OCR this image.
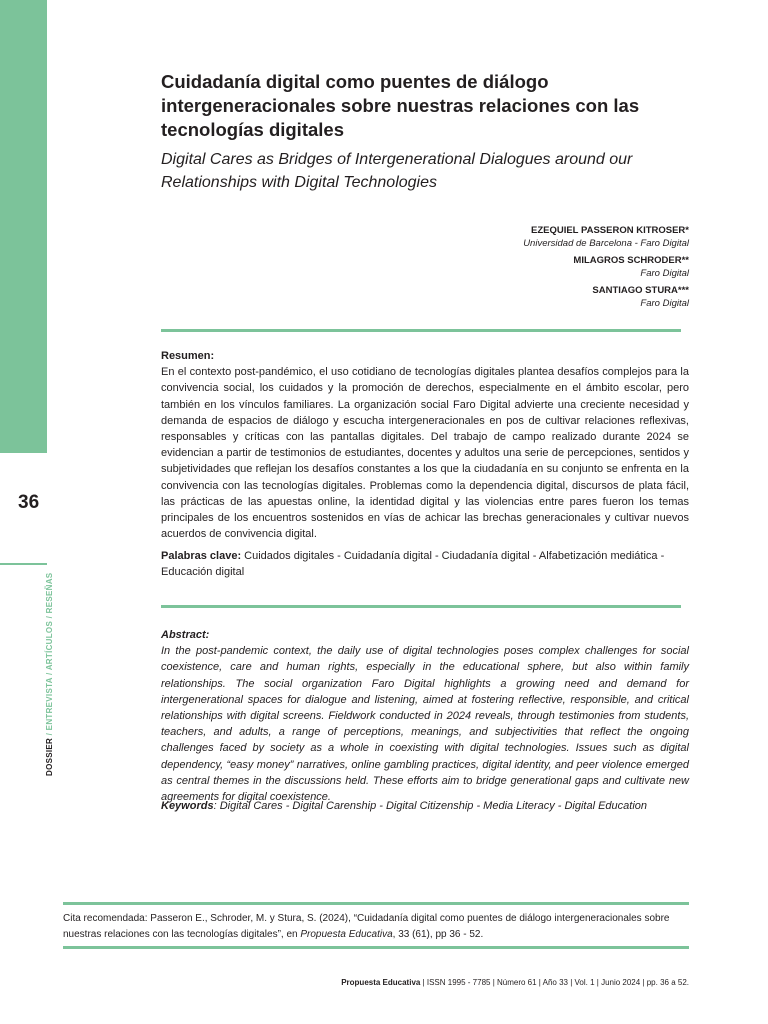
36
DOSSIER / ENTREVISTA / ARTÍCULOS / RESEÑAS
Cuidadanía digital como puentes de diálogo intergeneracionales sobre nuestras relaciones con las tecnologías digitales
Digital Cares as Bridges of Intergenerational Dialogues around our Relationships with Digital Technologies
EZEQUIEL PASSERON KITROSER*
Universidad de Barcelona - Faro Digital
MILAGROS SCHRODER**
Faro Digital
SANTIAGO STURA***
Faro Digital
Resumen:
En el contexto post-pandémico, el uso cotidiano de tecnologías digitales plantea desafíos complejos para la convivencia social, los cuidados y la promoción de derechos, especialmente en el ámbito escolar, pero también en los vínculos familiares. La organización social Faro Digital advierte una creciente necesidad y demanda de espacios de diálogo y escucha intergeneracionales en pos de cultivar relaciones reflexivas, responsables y críticas con las pantallas digitales. Del trabajo de campo realizado durante 2024 se evidencian a partir de testimonios de estudiantes, docentes y adultos una serie de percepciones, sentidos y subjetividades que reflejan los desafíos constantes a los que la ciudadanía en su conjunto se enfrenta en la convivencia con las tecnologías digitales. Problemas como la dependencia digital, discursos de plata fácil, las prácticas de las apuestas online, la identidad digital y las violencias entre pares fueron los temas principales de los encuentros sostenidos en vías de achicar las brechas generacionales y cultivar nuevos acuerdos de convivencia digital.
Palabras clave: Cuidados digitales - Cuidadanía digital - Ciudadanía digital - Alfabetización mediática - Educación digital
Abstract:
In the post-pandemic context, the daily use of digital technologies poses complex challenges for social coexistence, care and human rights, especially in the educational sphere, but also within family relationships. The social organization Faro Digital highlights a growing need and demand for intergenerational spaces for dialogue and listening, aimed at fostering reflective, responsible, and critical relationships with digital screens. Fieldwork conducted in 2024 reveals, through testimonies from students, teachers, and adults, a range of perceptions, meanings, and subjectivities that reflect the ongoing challenges faced by society as a whole in coexisting with digital technologies. Issues such as digital dependency, “easy money” narratives, online gambling practices, digital identity, and peer violence emerged as central themes in the discussions held. These efforts aim to bridge generational gaps and cultivate new agreements for digital coexistence.
Keywords: Digital Cares - Digital Carenship - Digital Citizenship - Media Literacy - Digital Education
Cita recomendada: Passeron E., Schroder, M. y Stura, S. (2024), “Cuidadanía digital como puentes de diálogo intergeneracionales sobre nuestras relaciones con las tecnologías digitales”, en Propuesta Educativa, 33 (61), pp 36 - 52.
Propuesta Educativa | ISSN 1995 - 7785 | Número 61 | Año 33 | Vol. 1 | Junio 2024 | pp. 36 a 52.
